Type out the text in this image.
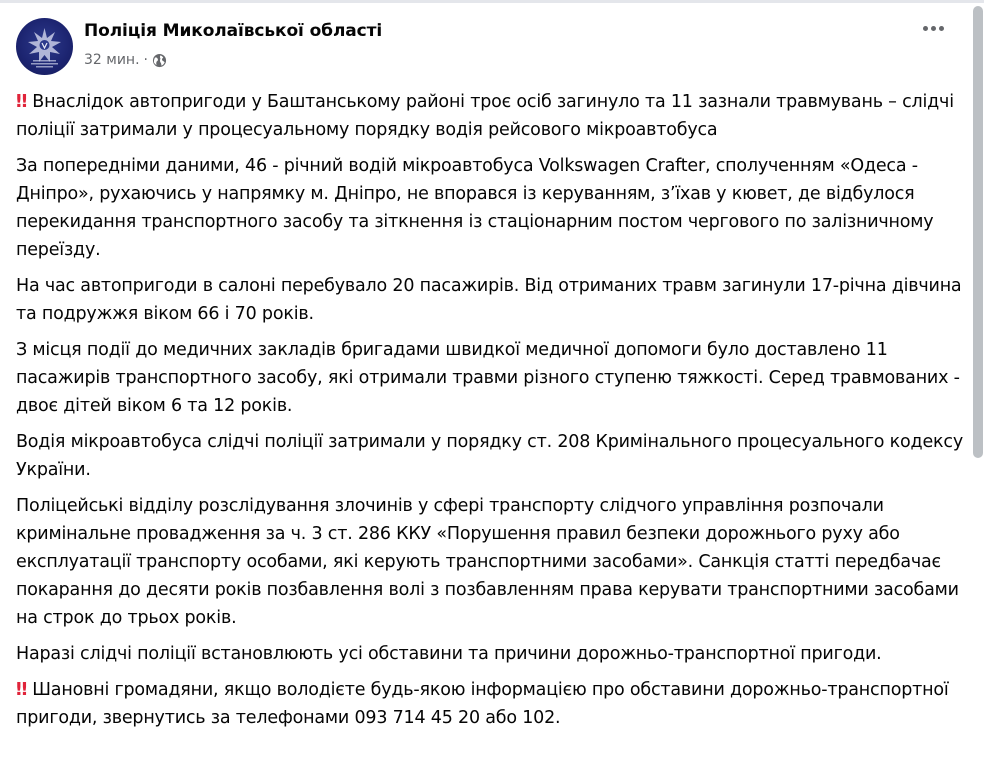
Поліція Миколаївської області
32 мин. ·

‼ Внаслідок автопригоди у Баштанському районі троє осіб загинуло та 11 зазнали травмувань – слідчі поліції затримали у процесуальному порядку водія рейсового мікроавтобуса

За попередніми даними, 46 - річний водій мікроавтобуса Volkswagen Crafter, сполученням «Одеса - Дніпро», рухаючись у напрямку м. Дніпро, не впорався із керуванням, з’їхав у кювет, де відбулося перекидання транспортного засобу та зіткнення із стаціонарним постом чергового по залізничному переїзду.

На час автопригоди в салоні перебувало 20 пасажирів. Від отриманих травм загинули 17-річна дівчина та подружжя віком 66 і 70 років.

З місця події до медичних закладів бригадами швидкої медичної допомоги було доставлено 11 пасажирів транспортного засобу, які отримали травми різного ступеню тяжкості. Серед травмованих - двоє дітей віком 6 та 12 років.

Водія мікроавтобуса слідчі поліції затримали у порядку ст. 208 Кримінального процесуального кодексу України.

Поліцейські відділу розслідування злочинів у сфері транспорту слідчого управління розпочали кримінальне провадження за ч. 3 ст. 286 ККУ «Порушення правил безпеки дорожнього руху або експлуатації транспорту особами, які керують транспортними засобами». Санкція статті передбачає покарання до десяти років позбавлення волі з позбавленням права керувати транспортними засобами на строк до трьох років.

Наразі слідчі поліції встановлюють усі обставини та причини дорожньо-транспортної пригоди.

‼ Шановні громадяни, якщо володієте будь-якою інформацією про обставини дорожньо-транспортної пригоди, звернутись за телефонами 093 714 45 20 або 102.
